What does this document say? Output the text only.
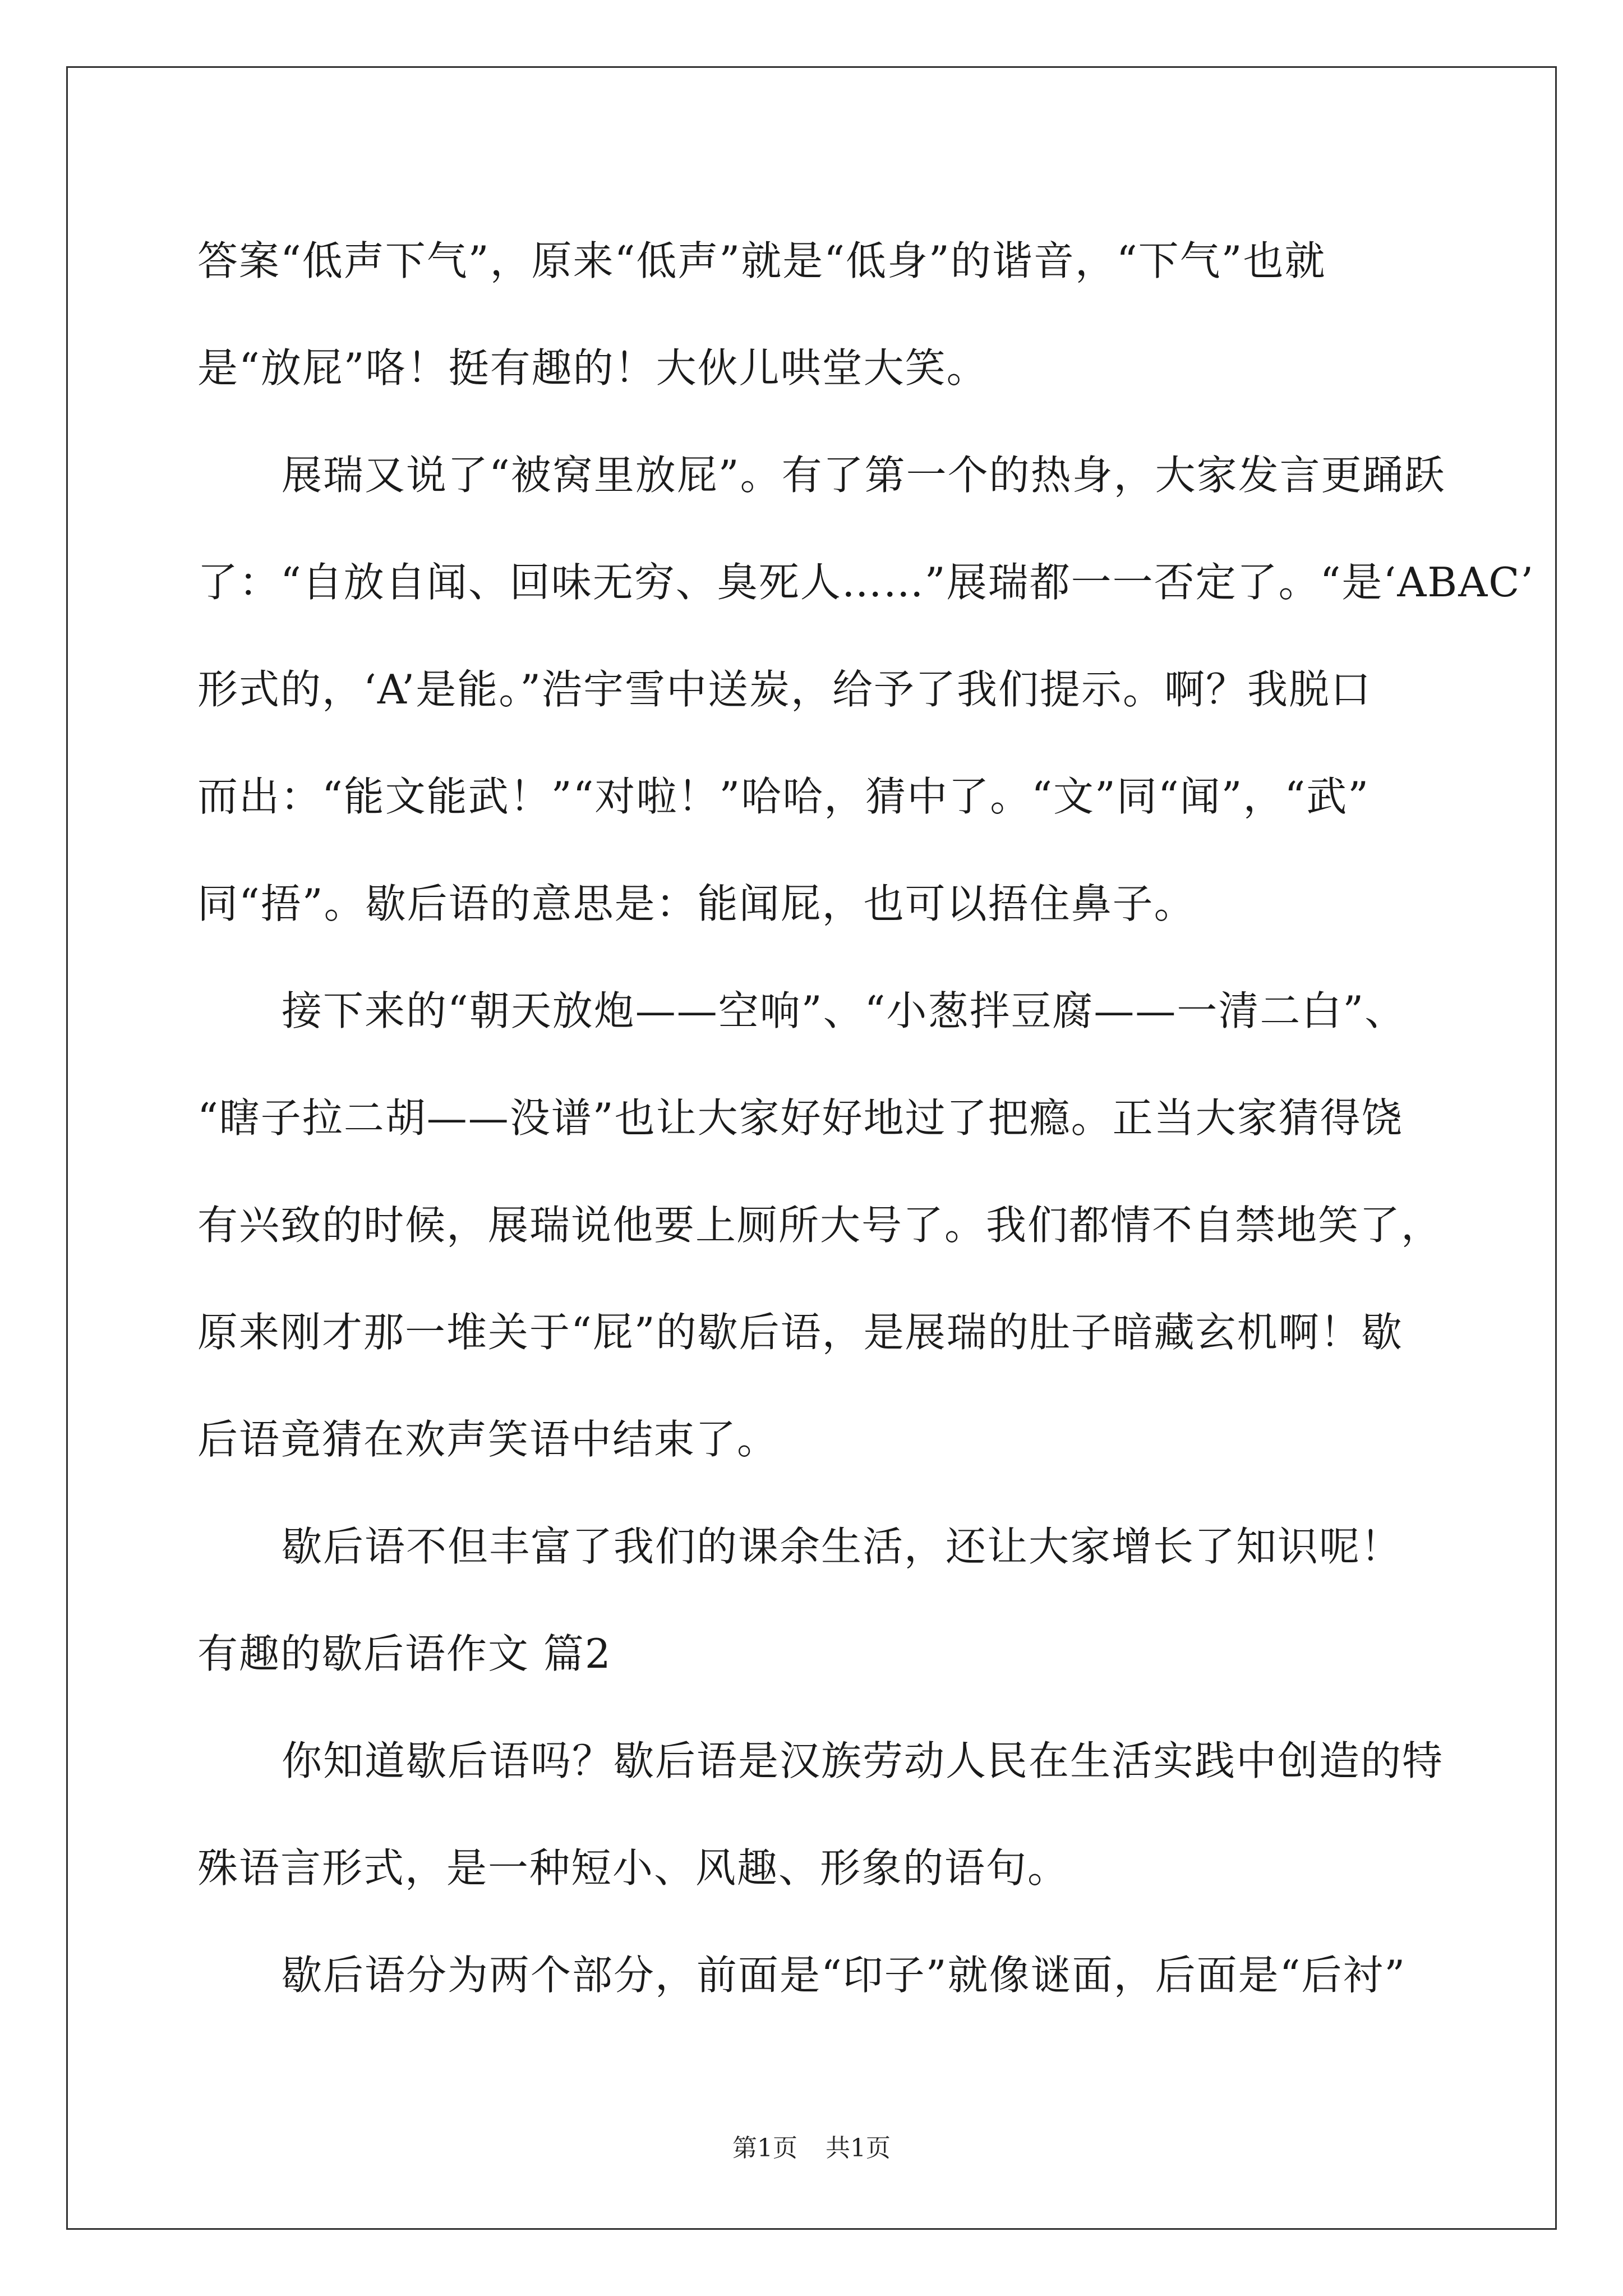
答案“低声下气”，原来“低声”就是“低身”的谐音，“下气”也就
是“放屁”咯！挺有趣的！大伙儿哄堂大笑。
展瑞又说了“被窝里放屁”。有了第一个的热身，大家发言更踊跃
了：“自放自闻、回味无穷、臭死人……”展瑞都一一否定了。“是‘ABAC’
形式的，‘A’是能。”浩宇雪中送炭，给予了我们提示。啊？我脱口
而出：“能文能武！”“对啦！”哈哈，猜中了。“文”同“闻”，“武”
同“捂”。歇后语的意思是：能闻屁，也可以捂住鼻子。
接下来的“朝天放炮——空响”、“小葱拌豆腐——一清二白”、
“瞎子拉二胡——没谱”也让大家好好地过了把瘾。正当大家猜得饶
有兴致的时候，展瑞说他要上厕所大号了。我们都情不自禁地笑了，
原来刚才那一堆关于“屁”的歇后语，是展瑞的肚子暗藏玄机啊！歇
后语竟猜在欢声笑语中结束了。
歇后语不但丰富了我们的课余生活，还让大家增长了知识呢！
有趣的歇后语作文 篇2
你知道歇后语吗？歇后语是汉族劳动人民在生活实践中创造的特
殊语言形式，是一种短小、风趣、形象的语句。
歇后语分为两个部分，前面是“印子”就像谜面，后面是“后衬”
第1页 共1页
